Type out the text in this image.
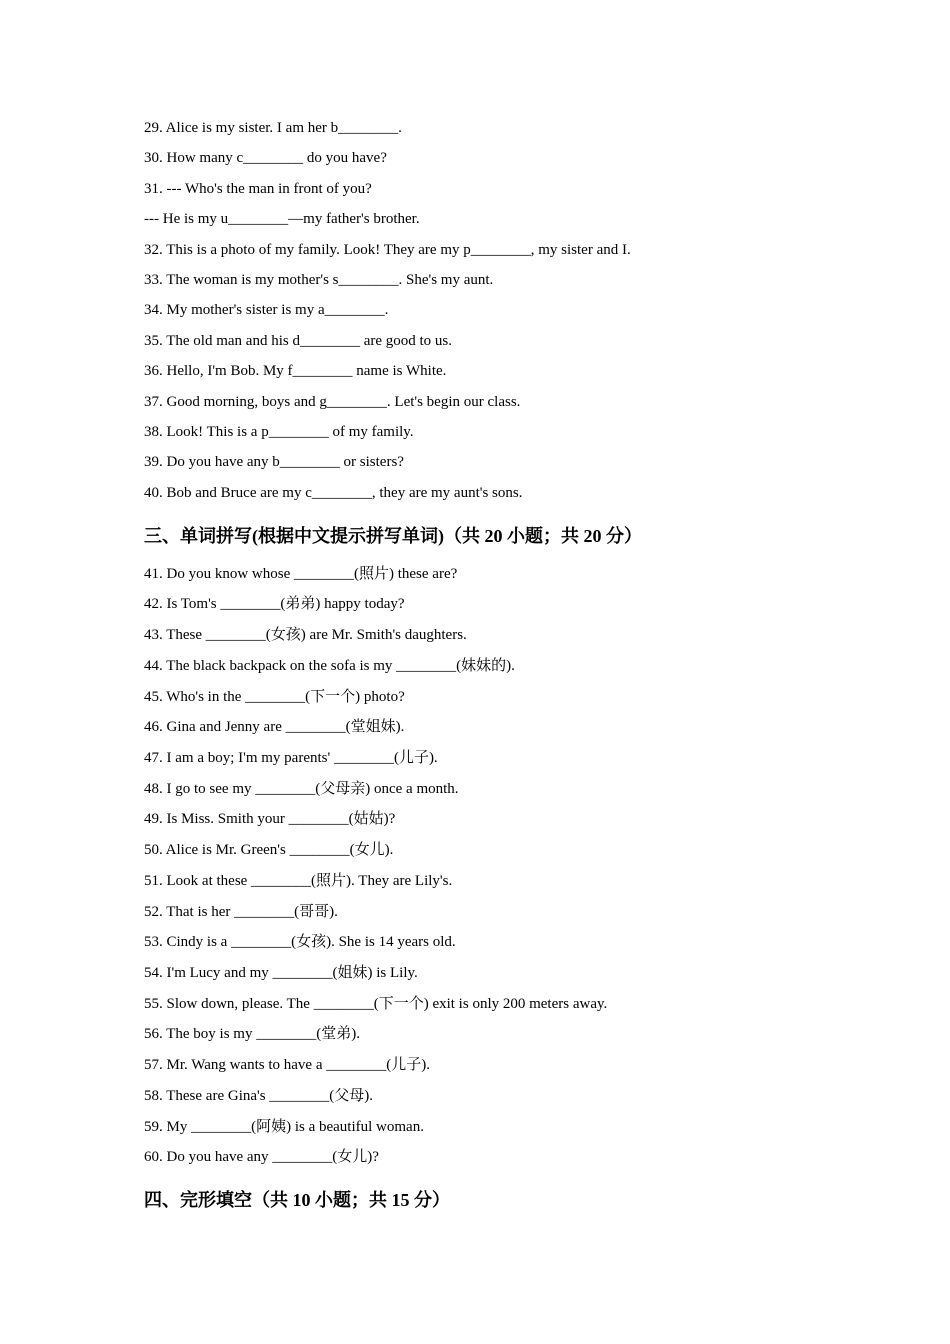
29. Alice is my sister. I am her b________.
30. How many c________ do you have?
31. --- Who's the man in front of you?
--- He is my u________—my father's brother.
32. This is a photo of my family. Look! They are my p________, my sister and I.
33. The woman is my mother's s________. She's my aunt.
34. My mother's sister is my a________.
35. The old man and his d________ are good to us.
36. Hello, I'm Bob. My f________ name is White.
37. Good morning, boys and g________. Let's begin our class.
38. Look! This is a p________ of my family.
39. Do you have any b________ or sisters?
40. Bob and Bruce are my c________, they are my aunt's sons.
三、单词拼写(根据中文提示拼写单词)（共 20 小题；共 20 分）
41. Do you know whose ________(照片) these are?
42. Is Tom's ________(弟弟) happy today?
43. These ________(女孩) are Mr. Smith's daughters.
44. The black backpack on the sofa is my ________(妹妹的).
45. Who's in the ________(下一个) photo?
46. Gina and Jenny are ________(堂姐妹).
47. I am a boy; I'm my parents' ________(儿子).
48. I go to see my ________(父母亲) once a month.
49. Is Miss. Smith your ________(姑姑)?
50. Alice is Mr. Green's ________(女儿).
51. Look at these ________(照片). They are Lily's.
52. That is her ________(哥哥).
53. Cindy is a ________(女孩). She is 14 years old.
54. I'm Lucy and my ________(姐妹) is Lily.
55. Slow down, please. The ________(下一个) exit is only 200 meters away.
56. The boy is my ________(堂弟).
57. Mr. Wang wants to have a ________(儿子).
58. These are Gina's ________(父母).
59. My ________(阿姨) is a beautiful woman.
60. Do you have any ________(女儿)?
四、完形填空（共 10 小题；共 15 分）
